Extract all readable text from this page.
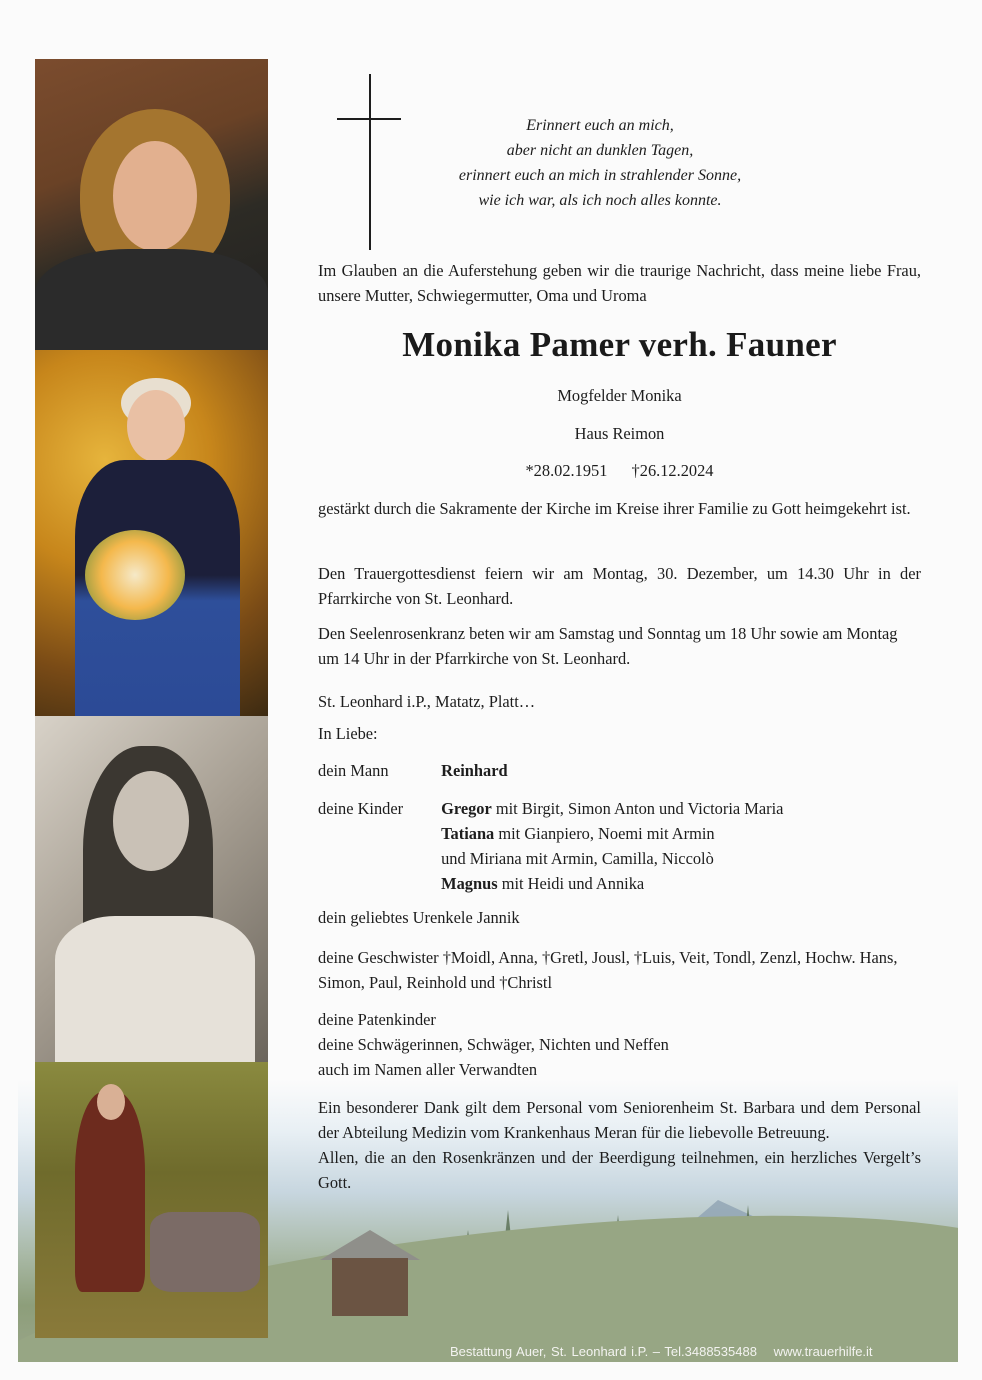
Erinnert euch an mich,
aber nicht an dunklen Tagen,
erinnert euch an mich in strahlender Sonne,
wie ich war, als ich noch alles konnte.
Im Glauben an die Auferstehung geben wir die traurige Nachricht, dass meine liebe Frau, unsere Mutter, Schwiegermutter, Oma und Uroma
Monika Pamer verh. Fauner
Mogfelder Monika
Haus Reimon
*28.02.1951 †26.12.2024
gestärkt durch die Sakramente der Kirche im Kreise ihrer Familie zu Gott heimgekehrt ist.
Den Trauergottesdienst feiern wir am Montag, 30. Dezember, um 14.30 Uhr in der Pfarrkirche von St. Leonhard.
Den Seelenrosenkranz beten wir am Samstag und Sonntag um 18 Uhr sowie am Montag um 14 Uhr in der Pfarrkirche von St. Leonhard.
St. Leonhard i.P., Matatz, Platt…
In Liebe:
dein Mann	Reinhard
deine Kinder Gregor mit Birgit, Simon Anton und Victoria Maria
Tatiana mit Gianpiero, Noemi mit Armin
und Miriana mit Armin, Camilla, Niccolò
Magnus mit Heidi und Annika
dein geliebtes Urenkele Jannik
deine Geschwister †Moidl, Anna, †Gretl, Jousl, †Luis, Veit, Tondl, Zenzl, Hochw. Hans, Simon, Paul, Reinhold und †Christl
deine Patenkinder
deine Schwägerinnen, Schwäger, Nichten und Neffen
auch im Namen aller Verwandten
Ein besonderer Dank gilt dem Personal vom Seniorenheim St. Barbara und dem Personal der Abteilung Medizin vom Krankenhaus Meran für die liebevolle Betreuung.
Allen, die an den Rosenkränzen und der Beerdigung teilnehmen, ein herzliches Vergelt’s Gott.
Bestattung Auer, St. Leonhard i.P. – Tel.3488535488 www.trauerhilfe.it
